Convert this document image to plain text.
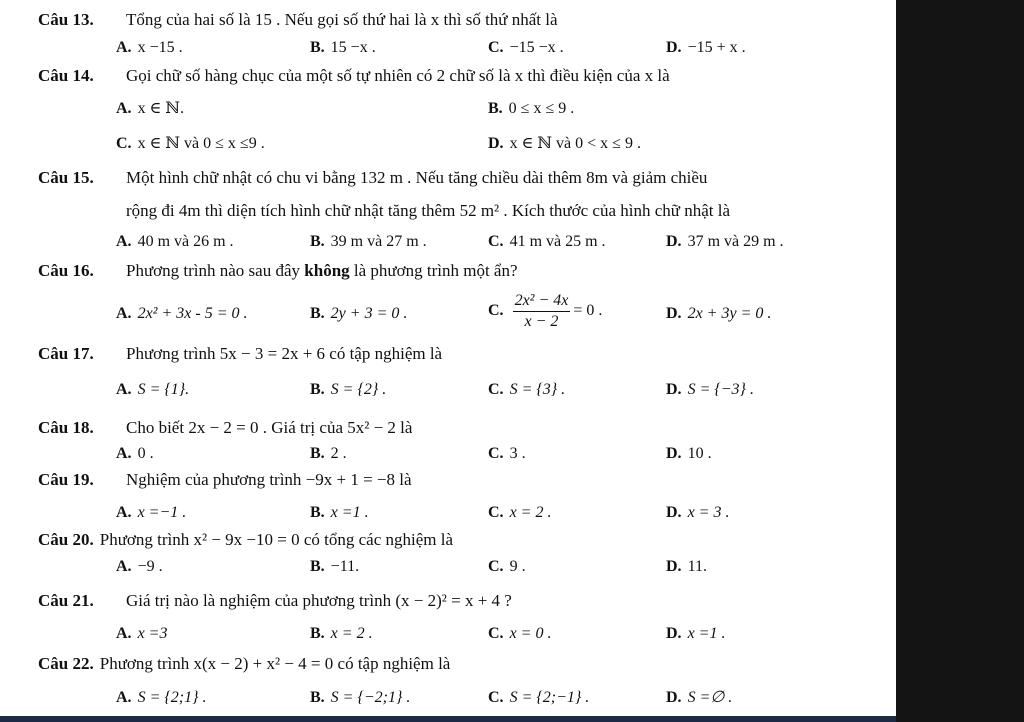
Câu 13. Tổng của hai số là 15 . Nếu gọi số thứ hai là x thì số thứ nhất là
A. x −15 .	B. 15 −x .	C. −15 −x .	D. −15 + x .
Câu 14. Gọi chữ số hàng chục của một số tự nhiên có 2 chữ số là x thì điều kiện của x là
A. x ∈ ℕ.	B. 0 ≤ x ≤ 9 .
C. x ∈ ℕ và 0 ≤ x ≤9 .	D. x ∈ ℕ và 0 < x ≤ 9 .
Câu 15. Một hình chữ nhật có chu vi bằng 132 m . Nếu tăng chiều dài thêm 8m và giảm chiều
rộng đi 4m thì diện tích hình chữ nhật tăng thêm 52 m² . Kích thước của hình chữ nhật là
A. 40 m và 26 m .	B. 39 m và 27 m .	C. 41 m và 25 m .	D. 37 m và 29 m .
Câu 16. Phương trình nào sau đây không là phương trình một ẩn?
A. 2x² + 3x - 5 = 0 .	B. 2y + 3 = 0 .	C. $\frac{\text{2x² − 4x}}{x - 2} = 0$ .	D. 2x + 3y = 0 .
Câu 17. Phương trình 5x − 3 = 2x + 6 có tập nghiệm là
A. S = {1}.	B. S = {2} .	C. S = {3} .	D. S = {−3} .
Câu 18. Cho biết 2x − 2 = 0 . Giá trị của 5x² − 2 là
A. 0 .	B. 2 .	C. 3 .	D. 10 .
Câu 19. Nghiệm của phương trình −9x + 1 = −8 là
A. x =−1 .	B. x =1 .	C. x = 2 .	D. x = 3 .
Câu 20. Phương trình x² − 9x −10 = 0 có tổng các nghiệm là
A. −9 .	B. −11.	C. 9 .	D. 11.
Câu 21. Giá trị nào là nghiệm của phương trình (x − 2)² = x + 4 ?
A. x =3	B. x = 2 .	C. x = 0 .	D. x =1 .
Câu 22. Phương trình x(x − 2) + x² − 4 = 0 có tập nghiệm là
A. S = {2;1} .	B. S = {−2;1} .	C. S = {2;−1} .	D. S =∅ .
